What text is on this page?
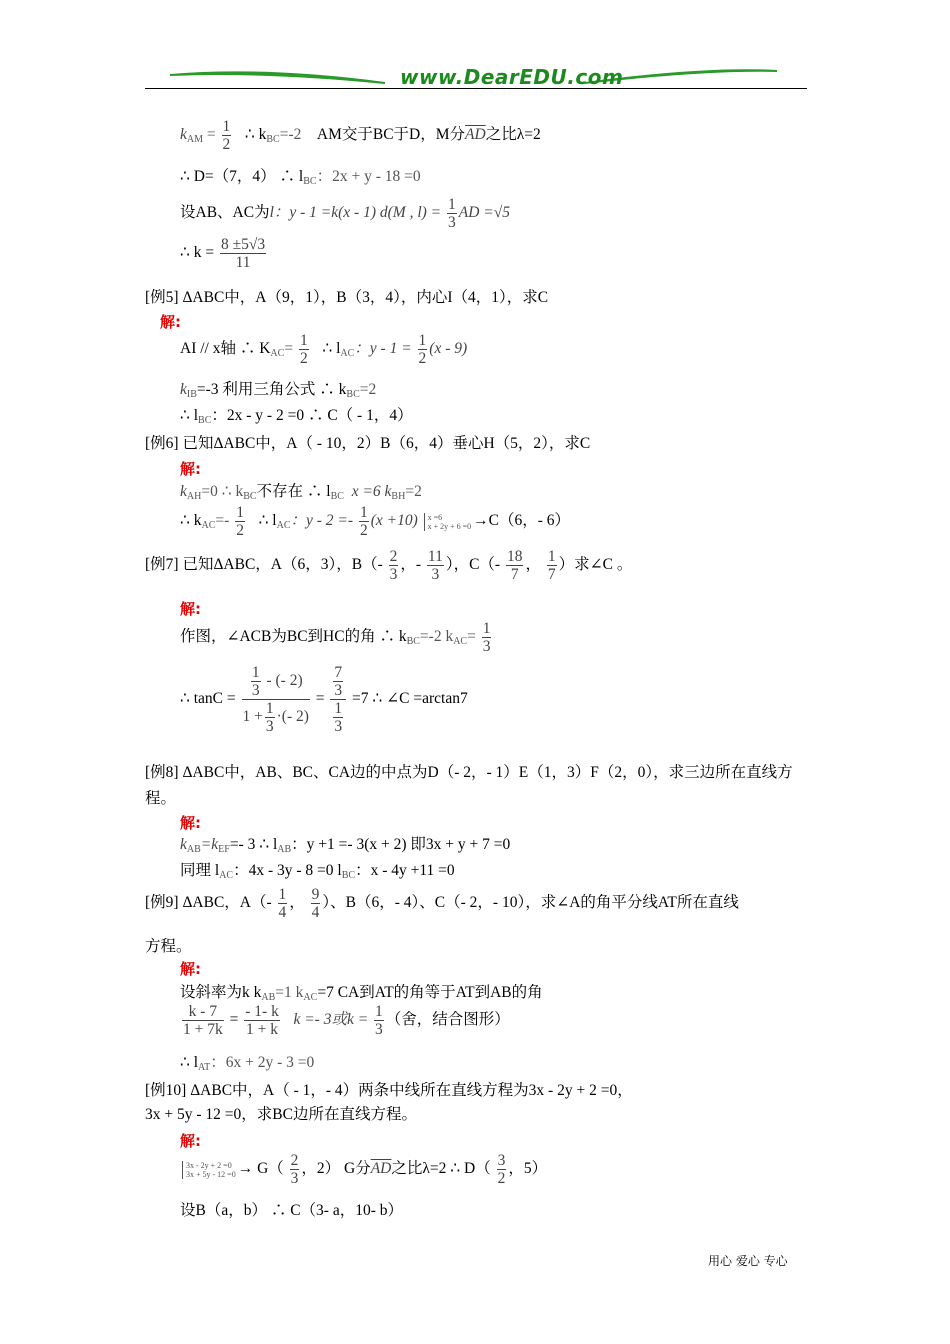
www.DearEDU.com
$k_{AM} = \frac{1}{2}$ ∴ $k_{BC}=-2$ AM交于BC于D，M分$\overline{AD}$之比λ=2
∴ D=（7，4） ∴ $l_{BC}$：2x + y - 18 =0
设AB、AC为l：y - 1 =k(x - 1) d(M , $l) = \frac{1}{3}$ AD =√5
∴ $k = \frac{8 \pm 5√3}{11}$
[例5] ΔABC中，A（9，1），B（3，4），内心I（4，1），求C
解:
AI // x轴 ∴ $K_{AC}= \frac{1}{2}$ ∴ $l_{AC}$：$y - 1 = \frac{1}{2} (x - 9)$
$k_{IB}=-3$ 利用三角公式 ∴ $k_{BC}=2$
∴ $l_{BC}$：2x - y - 2 =0 ∴ C（ - 1，4）
[例6] 已知ΔABC中，A（ - 10，2）B（6，4）垂心H（5，2），求C
解:
$k_{AH}=0$ ∴ $k_{BC}$不存在 ∴ $l_{BC}$ x =6 $k_{BH}=2$
∴ $k_{AC}=- \frac{1}{2}$ ∴ $l_{AC}$：$y - 2 =- \frac{1}{2} (x +10)$ x =6
x + 2y + 6 =0 →C（6，- 6）
[例7] 已知ΔABC，A（6，3），$B(- \frac{2}{3}$ ，- $\frac{11}{3}$ ），$C(- \frac{18}{7}$ ， $\frac{1}{7}$ ）求∠C 。
解:
作图，∠ACB为BC到HC的角 ∴ $k_{BC}=-2$ $k_{AC}= \frac{1}{3}$
∴ $\tan C = \frac{\frac{1}{3} - (- 2)}{1 + \frac{1}{3} \cdot(- 2)} = \frac{\frac{7}{3}}{\frac{1}{3}} =7$ ∴ ∠C =arctan7
[例8] ΔABC中，AB、BC、CA边的中点为D（- 2，- 1）E（1，3）F（2，0），求三边所在直线方
程。
解:
$k_{AB}=k_{EF}=-$ 3 ∴ $l_{AB}$：y +1 =- 3(x + 2) 即3x + y + 7 =0
同理 $l_{AC}$：4x - 3y - 8 =0 $l_{BC}$：x - 4y +11 =0
[例9] ΔABC，$A(- \frac{1}{4}$ ， $\frac{9}{4}$ ）、B（6，- 4）、C（- 2，- 10），求∠A的角平分线AT所在直线
方程。
解:
设斜率为k $k_{AB}=1$ $k_{AC}=7$ CA到AT的角等于AT到AB的角
$\frac{k - 7}{1 + 7k} = \frac{- 1- k}{1 + k}$ k =- 3或$k = \frac{1}{3}$ （舍，结合图形）
∴ $l_{AT}$：6x + 2y - 3 =0
[例10] ΔABC中，A（ - 1，- 4）两条中线所在直线方程为3x - 2y + 2 =0，
3x + 5y - 12 =0，求BC边所在直线方程。
解:
3x - 2y + 2 =0
$3x + 5y - 12 =0 \to G( \frac{2}{3}$ ，2） G分$\overline{AD}$之比λ=2 ∴ $D( \frac{3}{2}$ ，5）
设B（a，b） ∴ C（3- a，10- b）
用心 爱心 专心
